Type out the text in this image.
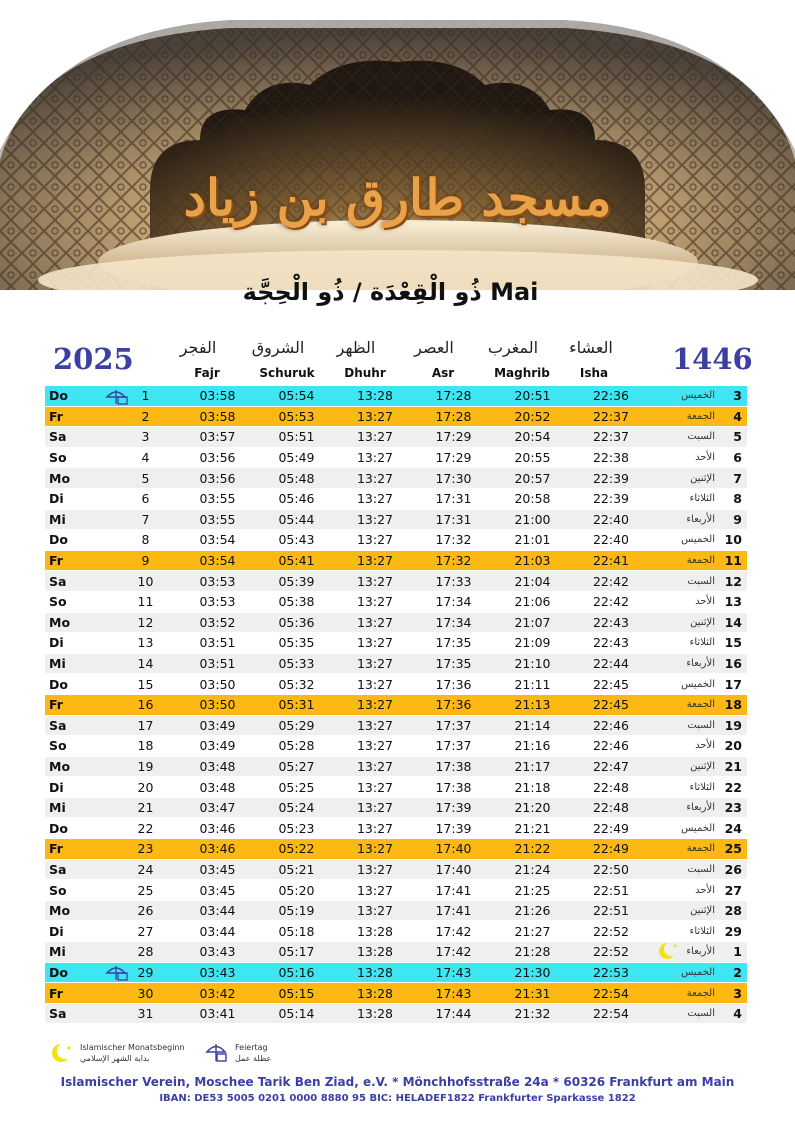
مسجد طارق بن زياد
ذُو الْقِعْدَة / ذُو الْحِجَّة Mai
2025	1446
الفجر
Fajr
الشروق
Schuruk
الظهر
Dhuhr
العصر
Asr
المغرب
Maghrib
العشاء
Isha
Do		1	03:58	05:54	13:28	17:28	20:51	22:36	الخميس	3
Fr		2	03:58	05:53	13:27	17:28	20:52	22:37	الجمعة	4
Sa		3	03:57	05:51	13:27	17:29	20:54	22:37	السبت	5
So		4	03:56	05:49	13:27	17:29	20:55	22:38	الأحد	6
Mo		5	03:56	05:48	13:27	17:30	20:57	22:39	الإثنين	7
Di		6	03:55	05:46	13:27	17:31	20:58	22:39	الثلاثاء	8
Mi		7	03:55	05:44	13:27	17:31	21:00	22:40	الأربعاء	9
Do		8	03:54	05:43	13:27	17:32	21:01	22:40	الخميس	10
Fr		9	03:54	05:41	13:27	17:32	21:03	22:41	الجمعة	11
Sa		10	03:53	05:39	13:27	17:33	21:04	22:42	السبت	12
So		11	03:53	05:38	13:27	17:34	21:06	22:42	الأحد	13
Mo		12	03:52	05:36	13:27	17:34	21:07	22:43	الإثنين	14
Di		13	03:51	05:35	13:27	17:35	21:09	22:43	الثلاثاء	15
Mi		14	03:51	05:33	13:27	17:35	21:10	22:44	الأربعاء	16
Do		15	03:50	05:32	13:27	17:36	21:11	22:45	الخميس	17
Fr		16	03:50	05:31	13:27	17:36	21:13	22:45	الجمعة	18
Sa		17	03:49	05:29	13:27	17:37	21:14	22:46	السبت	19
So		18	03:49	05:28	13:27	17:37	21:16	22:46	الأحد	20
Mo		19	03:48	05:27	13:27	17:38	21:17	22:47	الإثنين	21
Di		20	03:48	05:25	13:27	17:38	21:18	22:48	الثلاثاء	22
Mi		21	03:47	05:24	13:27	17:39	21:20	22:48	الأربعاء	23
Do		22	03:46	05:23	13:27	17:39	21:21	22:49	الخميس	24
Fr		23	03:46	05:22	13:27	17:40	21:22	22:49	الجمعة	25
Sa		24	03:45	05:21	13:27	17:40	21:24	22:50	السبت	26
So		25	03:45	05:20	13:27	17:41	21:25	22:51	الأحد	27
Mo		26	03:44	05:19	13:27	17:41	21:26	22:51	الإثنين	28
Di		27	03:44	05:18	13:28	17:42	21:27	22:52	الثلاثاء	29
Mi		28	03:43	05:17	13:28	17:42	21:28	22:52	الأربعاء	1
Do		29	03:43	05:16	13:28	17:43	21:30	22:53	الخميس	2
Fr		30	03:42	05:15	13:28	17:43	21:31	22:54	الجمعة	3
Sa		31	03:41	05:14	13:28	17:44	21:32	22:54	السبت	4
Islamischer Monatsbeginn
بداية الشهر الإسلامي
Feiertag
عطلة عمل
Islamischer Verein, Moschee Tarik Ben Ziad, e.V. * Mönchhofsstraße 24a * 60326 Frankfurt am Main
IBAN: DE53 5005 0201 0000 8880 95 BIC: HELADEF1822 Frankfurter Sparkasse 1822
